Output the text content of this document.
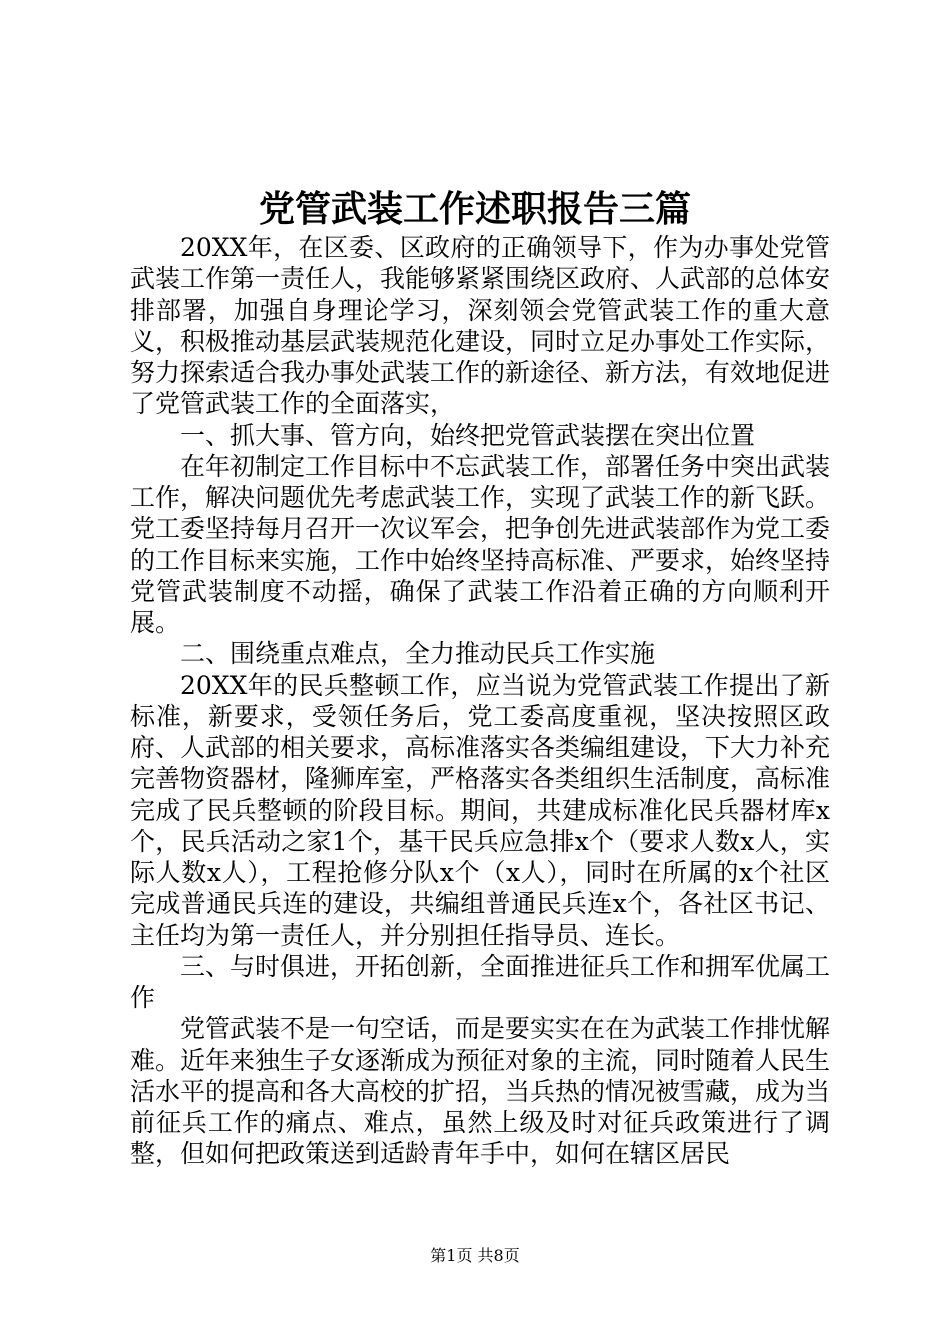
党管武装工作述职报告三篇

20XX年，在区委、区政府的正确领导下，作为办事处党管武装工作第一责任人，我能够紧紧围绕区政府、人武部的总体安排部署，加强自身理论学习，深刻领会党管武装工作的重大意义，积极推动基层武装规范化建设，同时立足办事处工作实际，努力探索适合我办事处武装工作的新途径、新方法，有效地促进了党管武装工作的全面落实，

一、抓大事、管方向，始终把党管武装摆在突出位置

在年初制定工作目标中不忘武装工作，部署任务中突出武装工作，解决问题优先考虑武装工作，实现了武装工作的新飞跃。党工委坚持每月召开一次议军会，把争创先进武装部作为党工委的工作目标来实施，工作中始终坚持高标准、严要求，始终坚持党管武装制度不动摇，确保了武装工作沿着正确的方向顺利开展。

二、围绕重点难点，全力推动民兵工作实施

20XX年的民兵整顿工作，应当说为党管武装工作提出了新标准，新要求，受领任务后，党工委高度重视，坚决按照区政府、人武部的相关要求，高标准落实各类编组建设，下大力补充完善物资器材，隆狮库室，严格落实各类组织生活制度，高标准完成了民兵整顿的阶段目标。期间，共建成标准化民兵器材库x个，民兵活动之家1个，基干民兵应急排x个（要求人数x人，实际人数x人），工程抢修分队x个（x人），同时在所属的x个社区完成普通民兵连的建设，共编组普通民兵连x个，各社区书记、主任均为第一责任人，并分别担任指导员、连长。

三、与时俱进，开拓创新，全面推进征兵工作和拥军优属工作

党管武装不是一句空话，而是要实实在在为武装工作排忧解难。近年来独生子女逐渐成为预征对象的主流，同时随着人民生活水平的提高和各大高校的扩招，当兵热的情况被雪藏，成为当前征兵工作的痛点、难点，虽然上级及时对征兵政策进行了调整，但如何把政策送到适龄青年手中，如何在辖区居民

第1页 共8页
